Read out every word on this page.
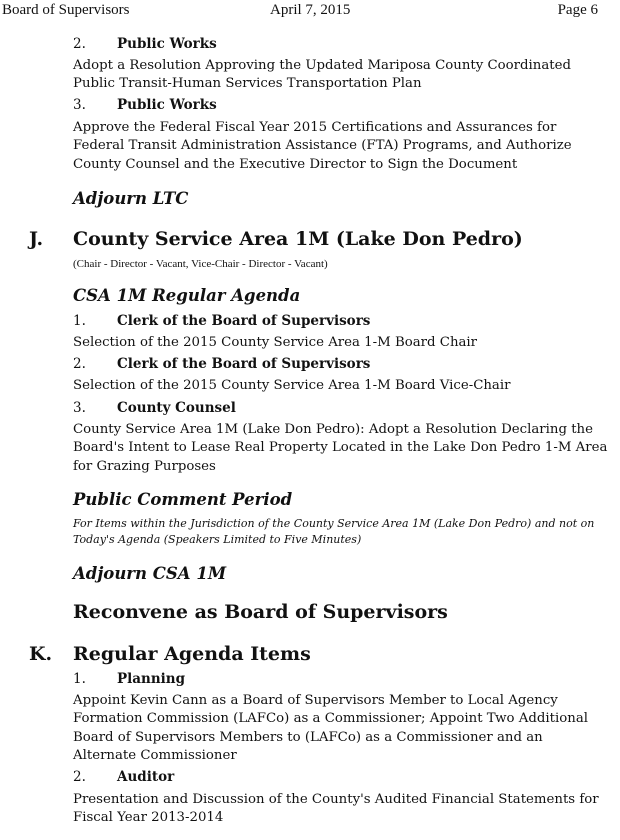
Board of Supervisors	April 7, 2015	Page 6
2. Public Works
Adopt a Resolution Approving the Updated Mariposa County Coordinated Public Transit-Human Services Transportation Plan
3. Public Works
Approve the Federal Fiscal Year 2015 Certifications and Assurances for Federal Transit Administration Assistance (FTA) Programs, and Authorize County Counsel and the Executive Director to Sign the Document
Adjourn LTC
J. County Service Area 1M (Lake Don Pedro)
(Chair - Director - Vacant, Vice-Chair - Director - Vacant)
CSA 1M Regular Agenda
1. Clerk of the Board of Supervisors
Selection of the 2015 County Service Area 1-M Board Chair
2. Clerk of the Board of Supervisors
Selection of the 2015 County Service Area 1-M Board Vice-Chair
3. County Counsel
County Service Area 1M (Lake Don Pedro): Adopt a Resolution Declaring the Board's Intent to Lease Real Property Located in the Lake Don Pedro 1-M Area for Grazing Purposes
Public Comment Period
For Items within the Jurisdiction of the County Service Area 1M (Lake Don Pedro) and not on Today's Agenda (Speakers Limited to Five Minutes)
Adjourn CSA 1M
Reconvene as Board of Supervisors
K. Regular Agenda Items
1. Planning
Appoint Kevin Cann as a Board of Supervisors Member to Local Agency Formation Commission (LAFCo) as a Commissioner; Appoint Two Additional Board of Supervisors Members to (LAFCo) as a Commissioner and an Alternate Commissioner
2. Auditor
Presentation and Discussion of the County's Audited Financial Statements for Fiscal Year 2013-2014
